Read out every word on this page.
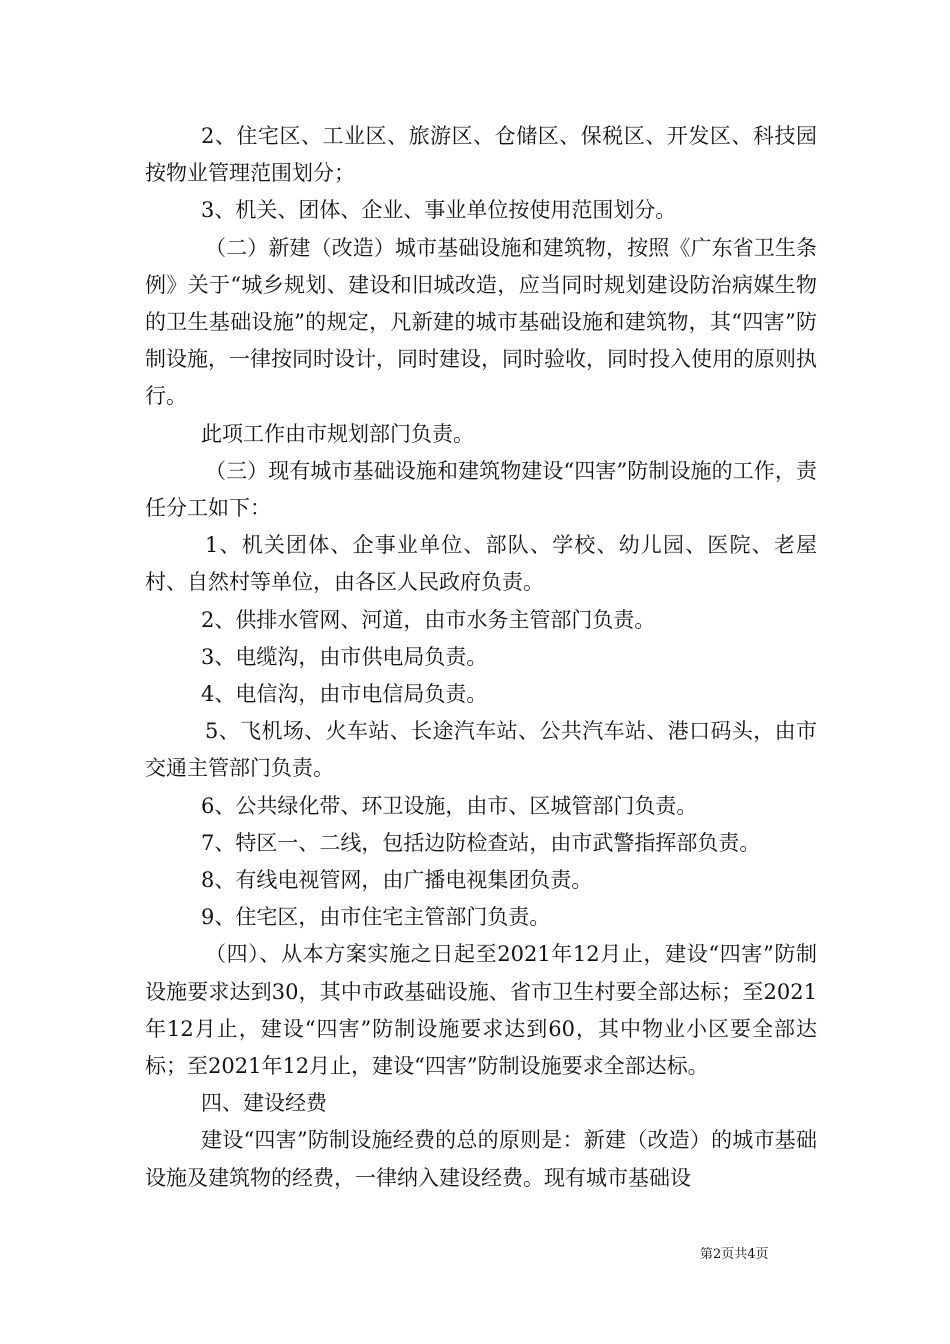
2、住宅区、工业区、旅游区、仓储区、保税区、开发区、科技园按物业管理范围划分；

3、机关、团体、企业、事业单位按使用范围划分。

（二）新建（改造）城市基础设施和建筑物，按照《广东省卫生条例》关于“城乡规划、建设和旧城改造，应当同时规划建设防治病媒生物的卫生基础设施”的规定，凡新建的城市基础设施和建筑物，其“四害”防制设施，一律按同时设计，同时建设，同时验收，同时投入使用的原则执行。

此项工作由市规划部门负责。

（三）现有城市基础设施和建筑物建设“四害”防制设施的工作，责任分工如下：

1、机关团体、企事业单位、部队、学校、幼儿园、医院、老屋村、自然村等单位，由各区人民政府负责。

2、供排水管网、河道，由市水务主管部门负责。

3、电缆沟，由市供电局负责。

4、电信沟，由市电信局负责。

5、飞机场、火车站、长途汽车站、公共汽车站、港口码头，由市交通主管部门负责。

6、公共绿化带、环卫设施，由市、区城管部门负责。

7、特区一、二线，包括边防检查站，由市武警指挥部负责。

8、有线电视管网，由广播电视集团负责。

9、住宅区，由市住宅主管部门负责。

（四）、从本方案实施之日起至2021年12月止，建设“四害”防制设施要求达到30，其中市政基础设施、省市卫生村要全部达标；至2021年12月止，建设“四害”防制设施要求达到60，其中物业小区要全部达标；至2021年12月止，建设“四害”防制设施要求全部达标。

四、建设经费

建设“四害”防制设施经费的总的原则是：新建（改造）的城市基础设施及建筑物的经费，一律纳入建设经费。现有城市基础设

第2页共4页
